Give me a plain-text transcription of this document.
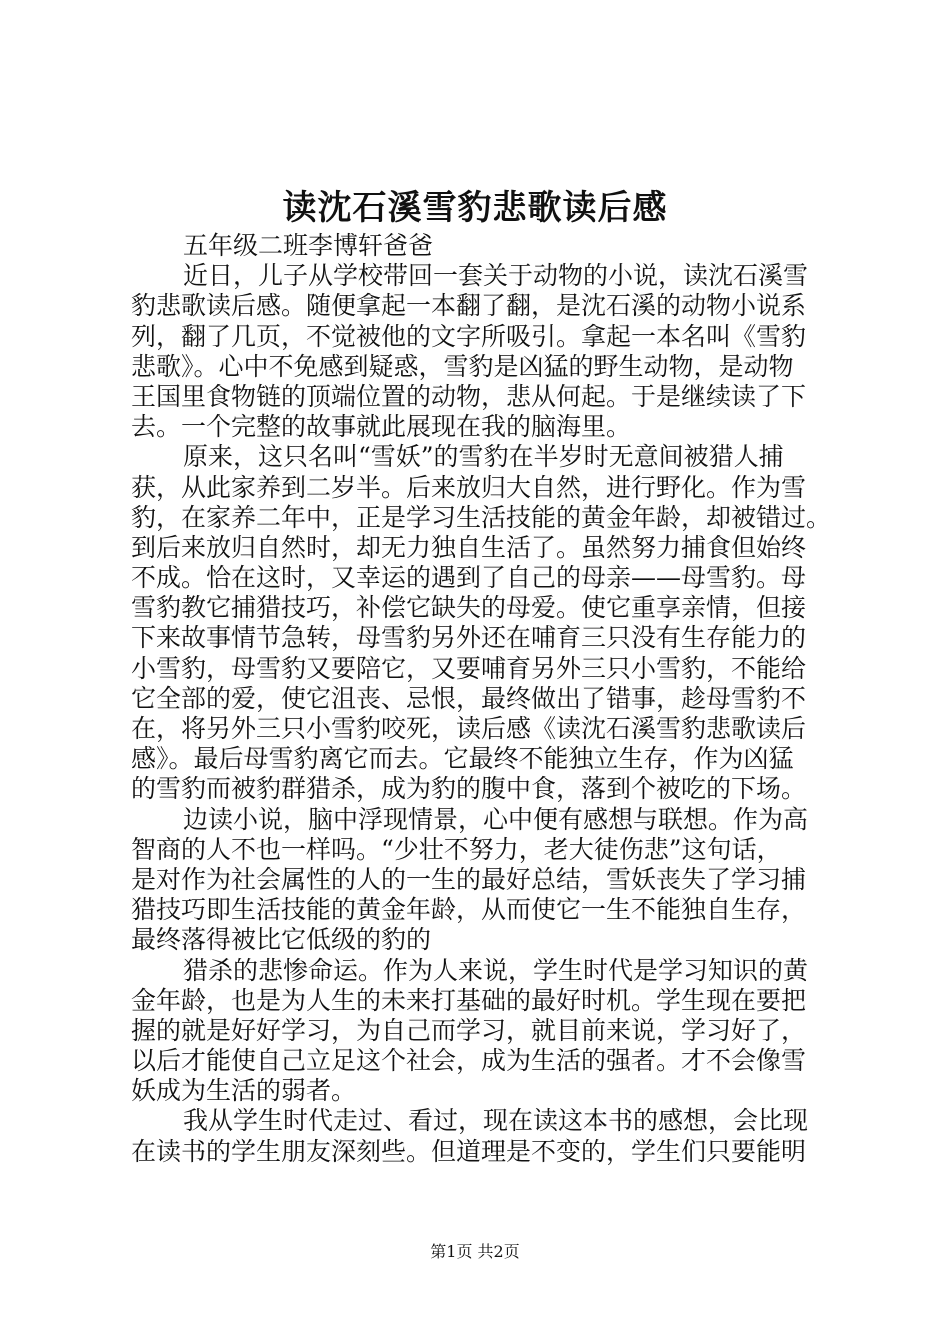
读沈石溪雪豹悲歌读后感
五年级二班李博轩爸爸
近日，儿子从学校带回一套关于动物的小说，读沈石溪雪
豹悲歌读后感。随便拿起一本翻了翻，是沈石溪的动物小说系
列，翻了几页，不觉被他的文字所吸引。拿起一本名叫《雪豹
悲歌》。心中不免感到疑惑，雪豹是凶猛的野生动物，是动物
王国里食物链的顶端位置的动物，悲从何起。于是继续读了下
去。一个完整的故事就此展现在我的脑海里。
原来，这只名叫“雪妖”的雪豹在半岁时无意间被猎人捕
获，从此家养到二岁半。后来放归大自然，进行野化。作为雪
豹，在家养二年中，正是学习生活技能的黄金年龄，却被错过。
到后来放归自然时，却无力独自生活了。虽然努力捕食但始终
不成。恰在这时，又幸运的遇到了自己的母亲——母雪豹。母
雪豹教它捕猎技巧，补偿它缺失的母爱。使它重享亲情，但接
下来故事情节急转，母雪豹另外还在哺育三只没有生存能力的
小雪豹，母雪豹又要陪它，又要哺育另外三只小雪豹，不能给
它全部的爱，使它沮丧、忌恨，最终做出了错事，趁母雪豹不
在，将另外三只小雪豹咬死，读后感《读沈石溪雪豹悲歌读后
感》。最后母雪豹离它而去。它最终不能独立生存，作为凶猛
的雪豹而被豹群猎杀，成为豹的腹中食，落到个被吃的下场。
边读小说，脑中浮现情景，心中便有感想与联想。作为高
智商的人不也一样吗。“少壮不努力，老大徒伤悲”这句话，
是对作为社会属性的人的一生的最好总结，雪妖丧失了学习捕
猎技巧即生活技能的黄金年龄，从而使它一生不能独自生存，
最终落得被比它低级的豹的
猎杀的悲惨命运。作为人来说，学生时代是学习知识的黄
金年龄，也是为人生的未来打基础的最好时机。学生现在要把
握的就是好好学习，为自己而学习，就目前来说，学习好了，
以后才能使自己立足这个社会，成为生活的强者。才不会像雪
妖成为生活的弱者。
我从学生时代走过、看过，现在读这本书的感想，会比现
在读书的学生朋友深刻些。但道理是不变的，学生们只要能明
第1页 共2页
